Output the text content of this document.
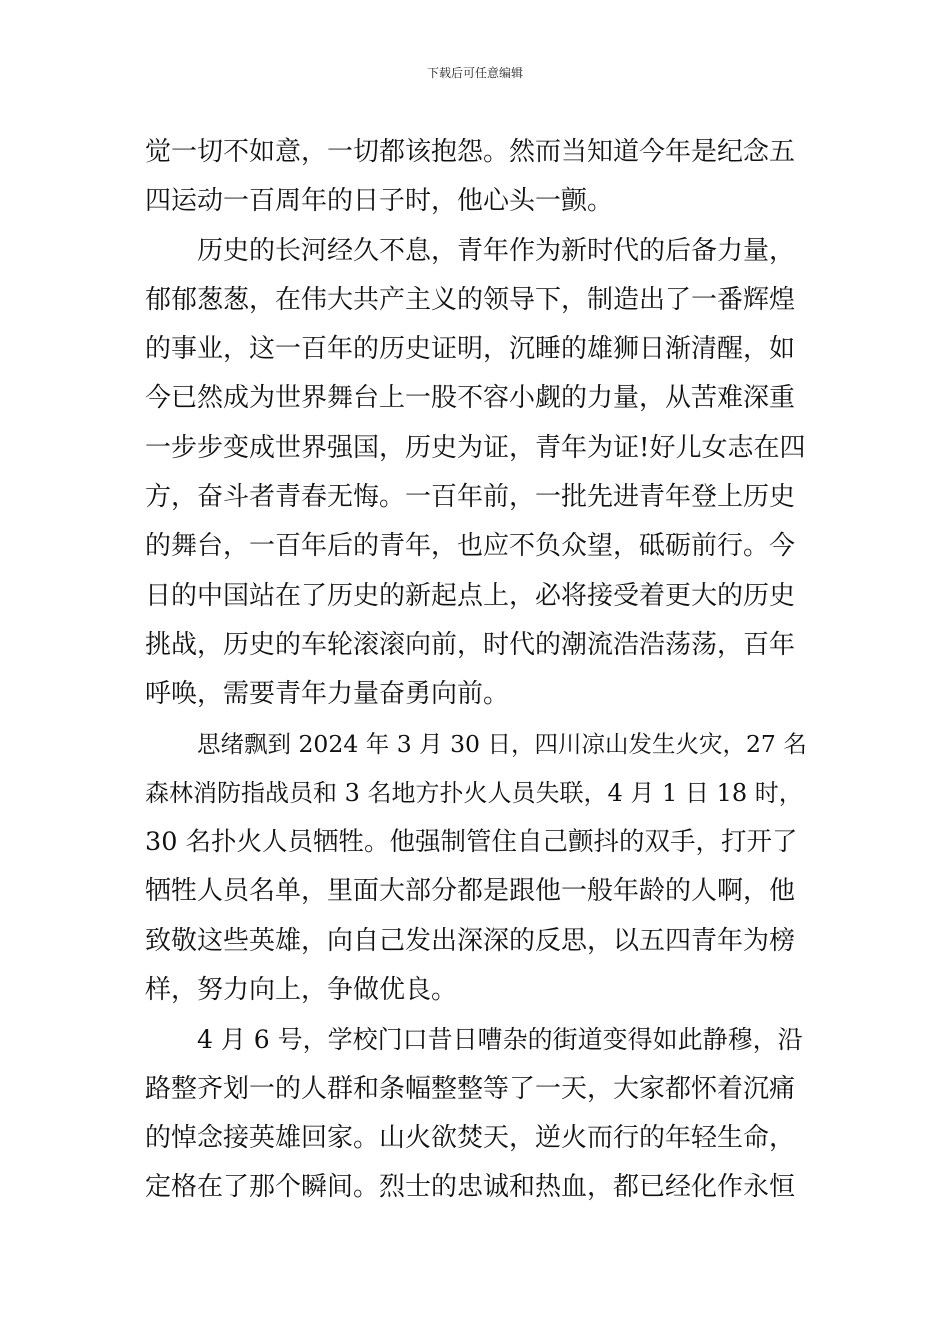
下载后可任意编辑
觉一切不如意，一切都该抱怨。然而当知道今年是纪念五
四运动一百周年的日子时，他心头一颤。
历史的长河经久不息，青年作为新时代的后备力量，
郁郁葱葱，在伟大共产主义的领导下，制造出了一番辉煌
的事业，这一百年的历史证明，沉睡的雄狮日渐清醒，如
今已然成为世界舞台上一股不容小觑的力量，从苦难深重
一步步变成世界强国，历史为证，青年为证!好儿女志在四
方，奋斗者青春无悔。一百年前，一批先进青年登上历史
的舞台，一百年后的青年，也应不负众望，砥砺前行。今
日的中国站在了历史的新起点上，必将接受着更大的历史
挑战，历史的车轮滚滚向前，时代的潮流浩浩荡荡，百年
呼唤，需要青年力量奋勇向前。
思绪飘到 2024 年 3 月 30 日，四川凉山发生火灾，27 名
森林消防指战员和 3 名地方扑火人员失联，4 月 1 日 18 时，
30 名扑火人员牺牲。他强制管住自己颤抖的双手，打开了
牺牲人员名单，里面大部分都是跟他一般年龄的人啊，他
致敬这些英雄，向自己发出深深的反思，以五四青年为榜
样，努力向上，争做优良。
4 月 6 号，学校门口昔日嘈杂的街道变得如此静穆，沿
路整齐划一的人群和条幅整整等了一天，大家都怀着沉痛
的悼念接英雄回家。山火欲焚天，逆火而行的年轻生命，
定格在了那个瞬间。烈士的忠诚和热血，都已经化作永恒
